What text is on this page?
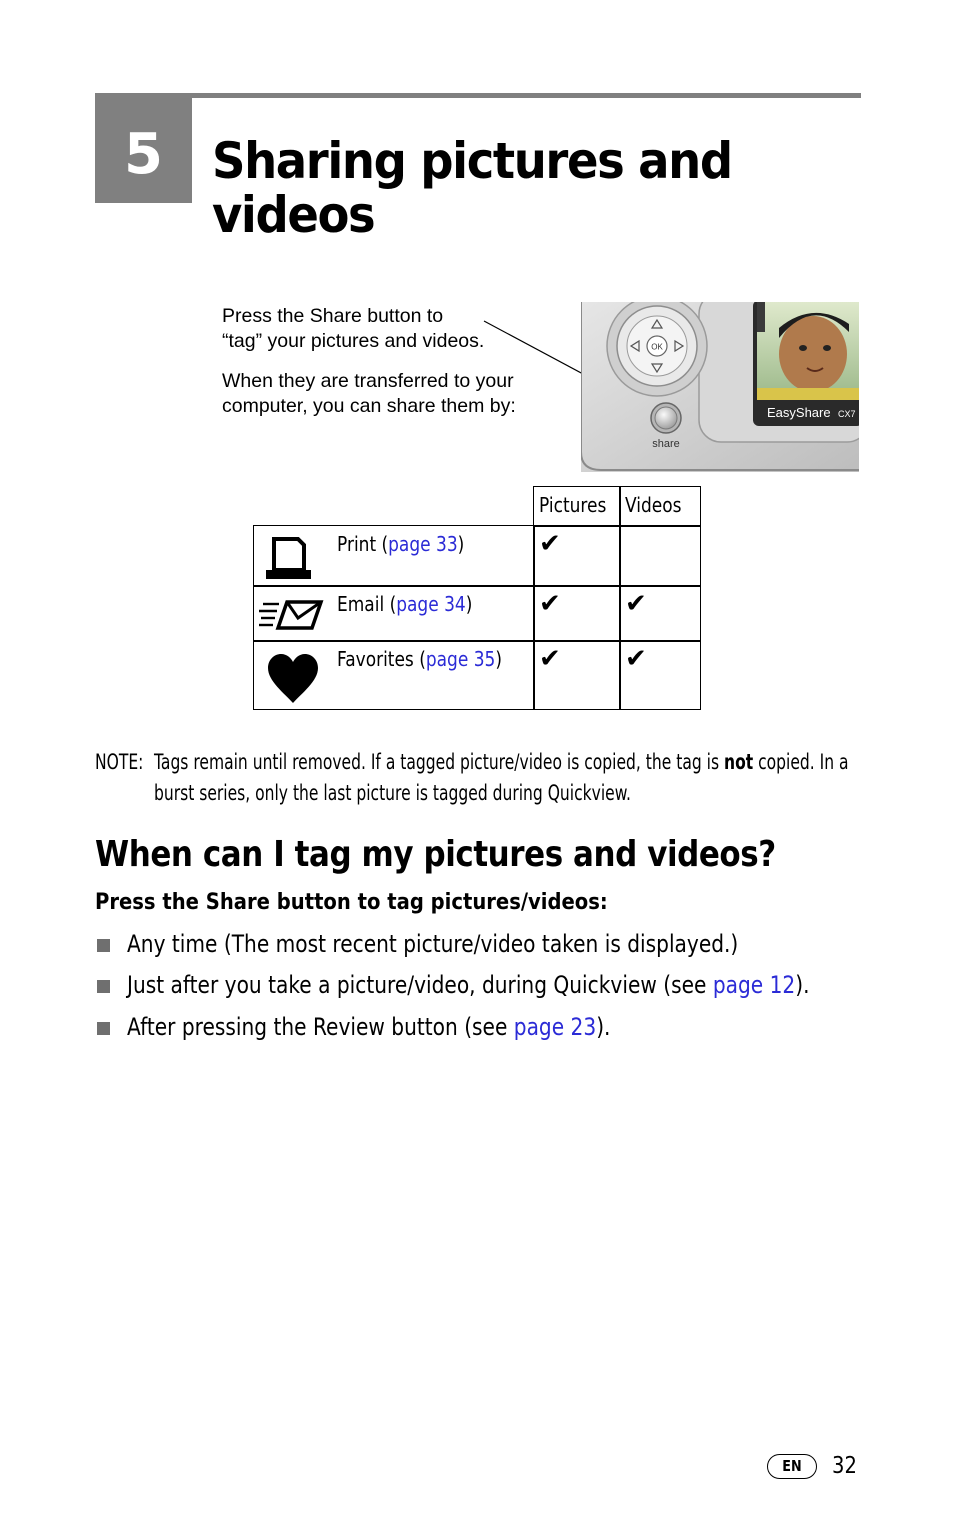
5 Sharing pictures and
videos
Press the Share button to
“tag” your pictures and videos.
When they are transferred to your
computer, you can share them by:	EasyShare CX7
OK
share
Pictures Videos
Print (page 33)	✔
Email (page 34)	✔ ✔
Favorites (page 35) ✔ ✔
NOTE: Tags remain until removed. If a tagged picture/video is copied, the tag is not copied. In a
burst series, only the last picture is tagged during Quickview.
When can I tag my pictures and videos?
Press the Share button to tag pictures/videos:
Any time (The most recent picture/video taken is displayed.)
Just after you take a picture/video, during Quickview (see page 12).
After pressing the Review button (see page 23).
EN	32
